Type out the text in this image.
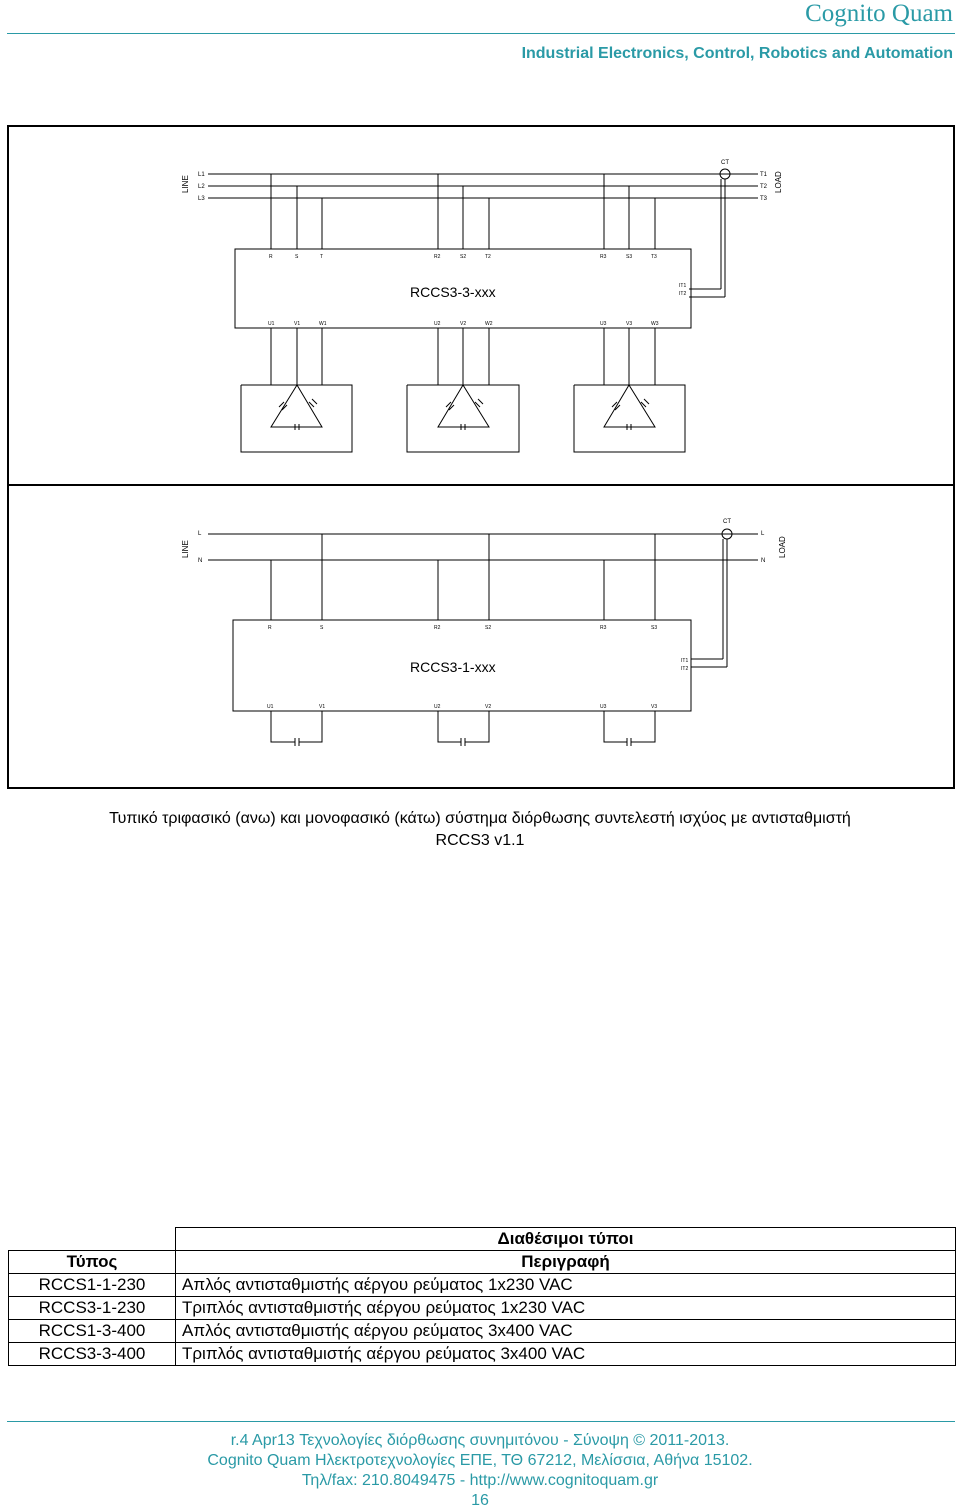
Cognito Quam
Industrial Electronics, Control, Robotics and Automation
LINE	LOAD
L1
L2
L3
T1
T2
T3
CT
RCCS3-3-xxx
R	S	T	R2	S2	T2	R3	S3	T3
IT1
IT2
U1	V1	W1	U2	V2	W2	U3	V3	W3
LINE	LOAD
L
N
L
N
CT
RCCS3-1-xxx
R	S	R2	S2	R3	S3
IT1
IT2
U1	V1	U2	V2	U3	V3
Τυπικό τριφασικό (ανω) και μονοφασικό (κάτω) σύστημα διόρθωσης συντελεστή ισχύος με αντισταθμιστή
RCCS3 v1.1
	Διαθέσιμοι τύποι
Τύπος	Περιγραφή
RCCS1-1-230	Απλός αντισταθμιστής αέργου ρεύματος 1x230 VAC
RCCS3-1-230	Τριπλός αντισταθμιστής αέργου ρεύματος 1x230 VAC
RCCS1-3-400	Απλός αντισταθμιστής αέργου ρεύματος 3x400 VAC
RCCS3-3-400	Τριπλός αντισταθμιστής αέργου ρεύματος 3x400 VAC
r.4 Apr13 Τεχνολογίες διόρθωσης συνημιτόνου - Σύνοψη © 2011-2013.
Cognito Quam Ηλεκτροτεχνολογίες ΕΠΕ, ΤΘ 67212, Μελίσσια, Αθήνα 15102.
Τηλ/fax: 210.8049475 - http://www.cognitoquam.gr
16
